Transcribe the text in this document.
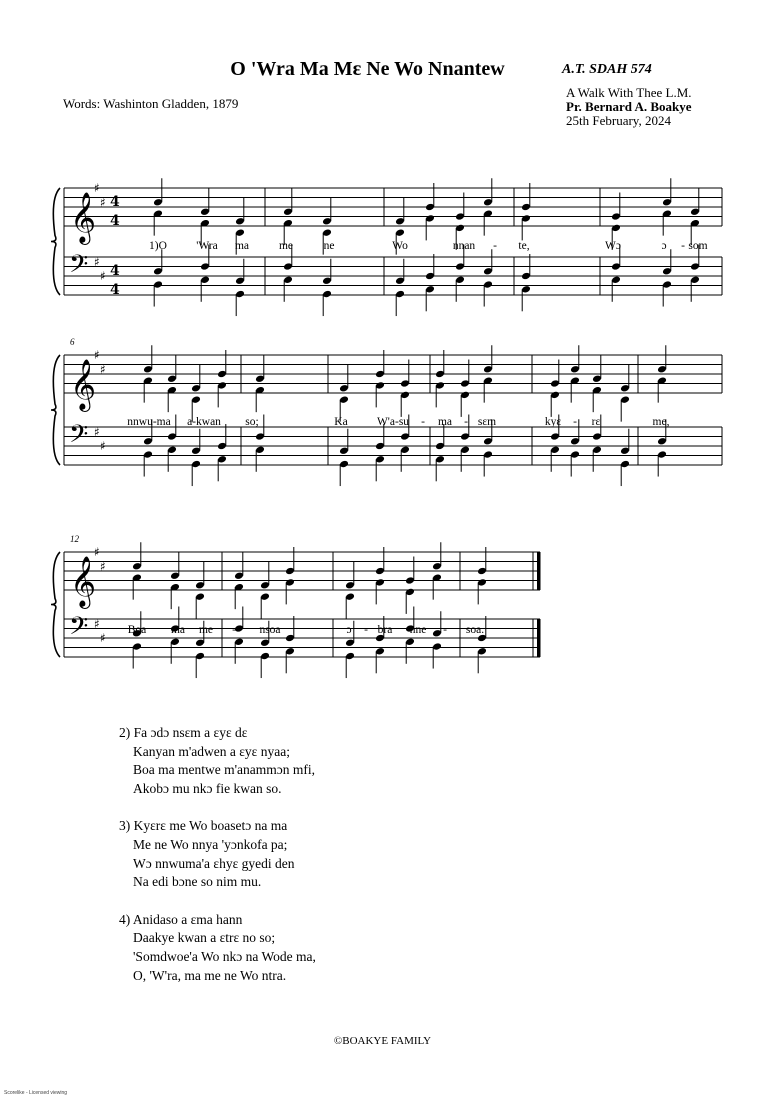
O 'Wra Ma Mɛ Ne Wo Nnantew	A.T. SDAH 574
Words: Washinton Gladden, 1879
A Walk With Thee L.M.
Pr. Bernard A. Boakye
25th February, 2024
𝄞
𝄢
♯
♯
♯
♯
4
4
4
4
1)O	'Wra ma	me	ne	Wo	nnan - te,	Wɔ	ɔ - som
𝄞
𝄢
♯
♯
♯
♯
6
nnwu-ma a-kwan so;	Ka	W'a-su - ma - sɛm	kyɛ - rɛ	me,
𝄞
𝄢
♯
♯
♯
♯
12
Boa ma me - nsoa	ɔ - bra nne - soa.
2) Fa ɔdɔ nsɛm a ɛyɛ dɛ
Kanyan m'adwen a ɛyɛ nyaa;
Boa ma mentwe m'anammɔn mfi,
Akobɔ mu nkɔ fie kwan so.
3) Kyɛrɛ me Wo boasetɔ na ma
Me ne Wo nnya 'yɔnkofa pa;
Wɔ nnwuma'a ɛhyɛ gyedi den
Na edi bɔne so nim mu.
4) Anidaso a ɛma hann
Daakye kwan a ɛtrɛ no so;
'Somdwoe'a Wo nkɔ na Wode ma,
O, 'W'ra, ma me ne Wo ntra.
©BOAKYE FAMILY
Scorelike - Licensed viewing
